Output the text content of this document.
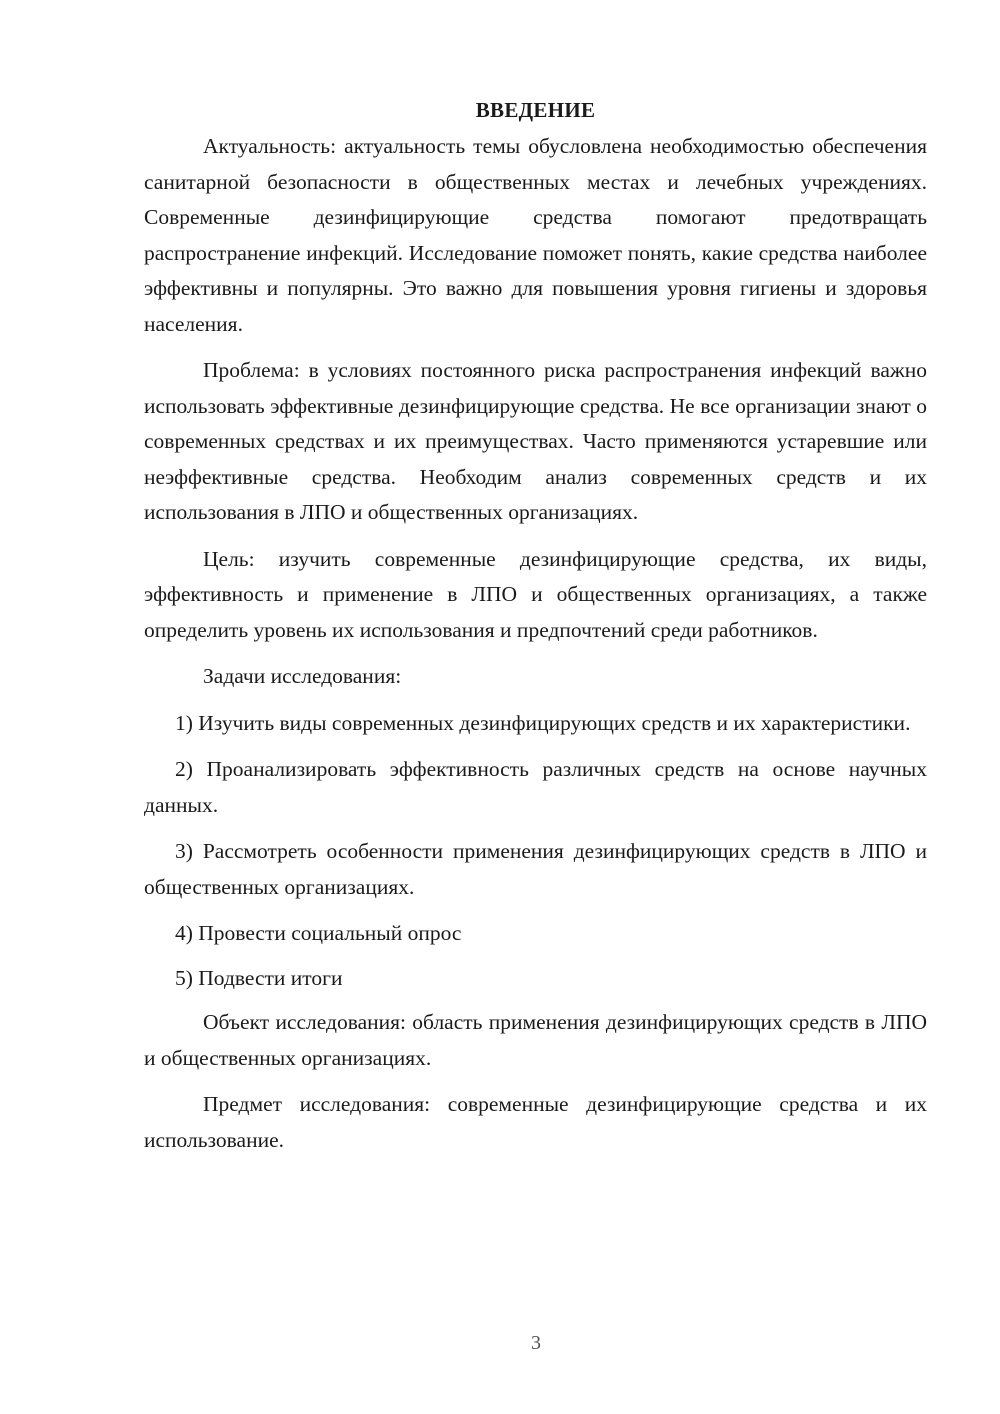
ВВЕДЕНИЕ

Актуальность: актуальность темы обусловлена необходимостью обеспечения санитарной безопасности в общественных местах и лечебных учреждениях. Современные дезинфицирующие средства помогают предотвращать распространение инфекций. Исследование поможет понять, какие средства наиболее эффективны и популярны. Это важно для повышения уровня гигиены и здоровья населения.

Проблема: в условиях постоянного риска распространения инфекций важно использовать эффективные дезинфицирующие средства. Не все организации знают о современных средствах и их преимуществах. Часто применяются устаревшие или неэффективные средства. Необходим анализ современных средств и их использования в ЛПО и общественных организациях.

Цель: изучить современные дезинфицирующие средства, их виды, эффективность и применение в ЛПО и общественных организациях, а также определить уровень их использования и предпочтений среди работников.

Задачи исследования:

1) Изучить виды современных дезинфицирующих средств и их характеристики.

2) Проанализировать эффективность различных средств на основе научных данных.

3) Рассмотреть особенности применения дезинфицирующих средств в ЛПО и общественных организациях.

4) Провести социальный опрос

5) Подвести итоги

Объект исследования: область применения дезинфицирующих средств в ЛПО и общественных организациях.

Предмет исследования: современные дезинфицирующие средства и их использование.

3
